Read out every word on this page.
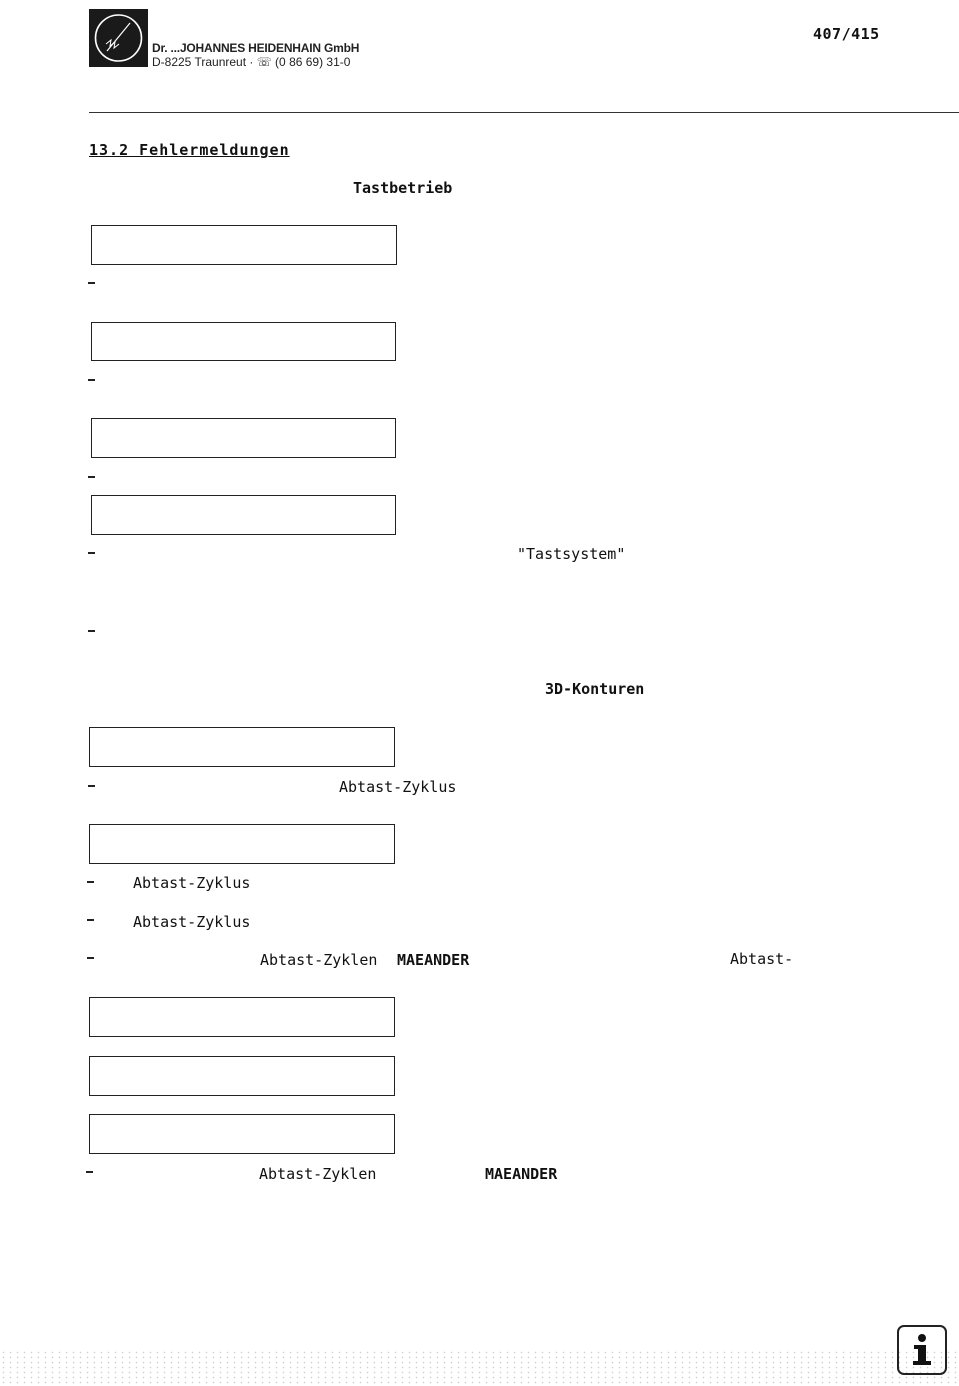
Dr. ...JOHANNES HEIDENHAIN GmbH
D-8225 Traunreut · ☏ (0 86 69) 31-0
407/415
13.2 Fehlermeldungen
Tastbetrieb
"Tastsystem"
3D-Konturen
Abtast-Zyklus
Abtast-Zyklus
Abtast-Zyklus
Abtast-Zyklen MAEANDER	Abtast-
Abtast-Zyklen	MAEANDER
